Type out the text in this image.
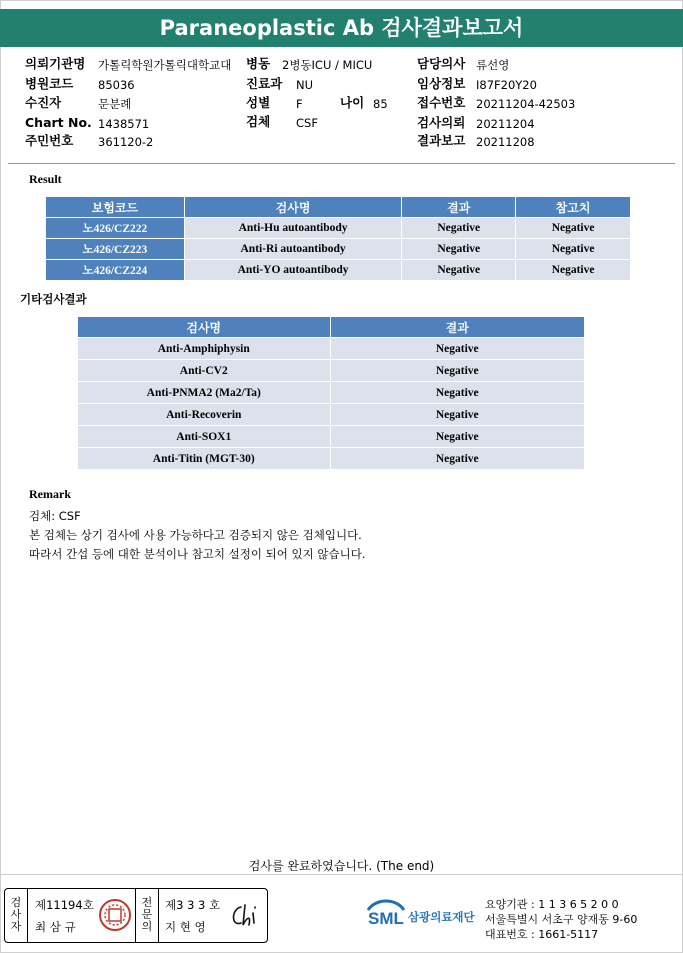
Paraneoplastic Ab 검사결과보고서
의뢰기관명 가톨릭학원가톨릭대학교대 병동 2병동ICU / MICU	담당의사 류선영
병원코드 85036	진료과 NU	임상정보 I87F20Y20
수진자	문분례	성별 F	나이 85 접수번호 20211204-42503
Chart No. 1438571	검체 CSF	검사의뢰 20211204
주민번호 361120-2	결과보고 20211208
Result
보험코드	검사명	결과	참고치
노426/CZ222	Anti-Hu autoantibody	Negative	Negative
노426/CZ223	Anti-Ri autoantibody	Negative	Negative
노426/CZ224	Anti-YO autoantibody	Negative	Negative
기타검사결과
검사명	결과
Anti-Amphiphysin	Negative
Anti-CV2	Negative
Anti-PNMA2 (Ma2/Ta)	Negative
Anti-Recoverin	Negative
Anti-SOX1	Negative
Anti-Titin (MGT-30)	Negative
Remark
검체: CSF
본 검체는 상기 검사에 사용 가능하다고 검증되지 않은 검체입니다.
따라서 간섭 등에 대한 분석이나 참고치 설정이 되어 있지 않습니다.
검사를 완료하였습니다. (The end)
검
사
자
제11194호
최 삼 규
전
문
의
제3 3 3 호
지 현 영	SML 삼광의료재단
요양기관 : 1 1 3 6 5 2 0 0
서울특별시 서초구 양재동 9-60
대표번호 : 1661-5117
